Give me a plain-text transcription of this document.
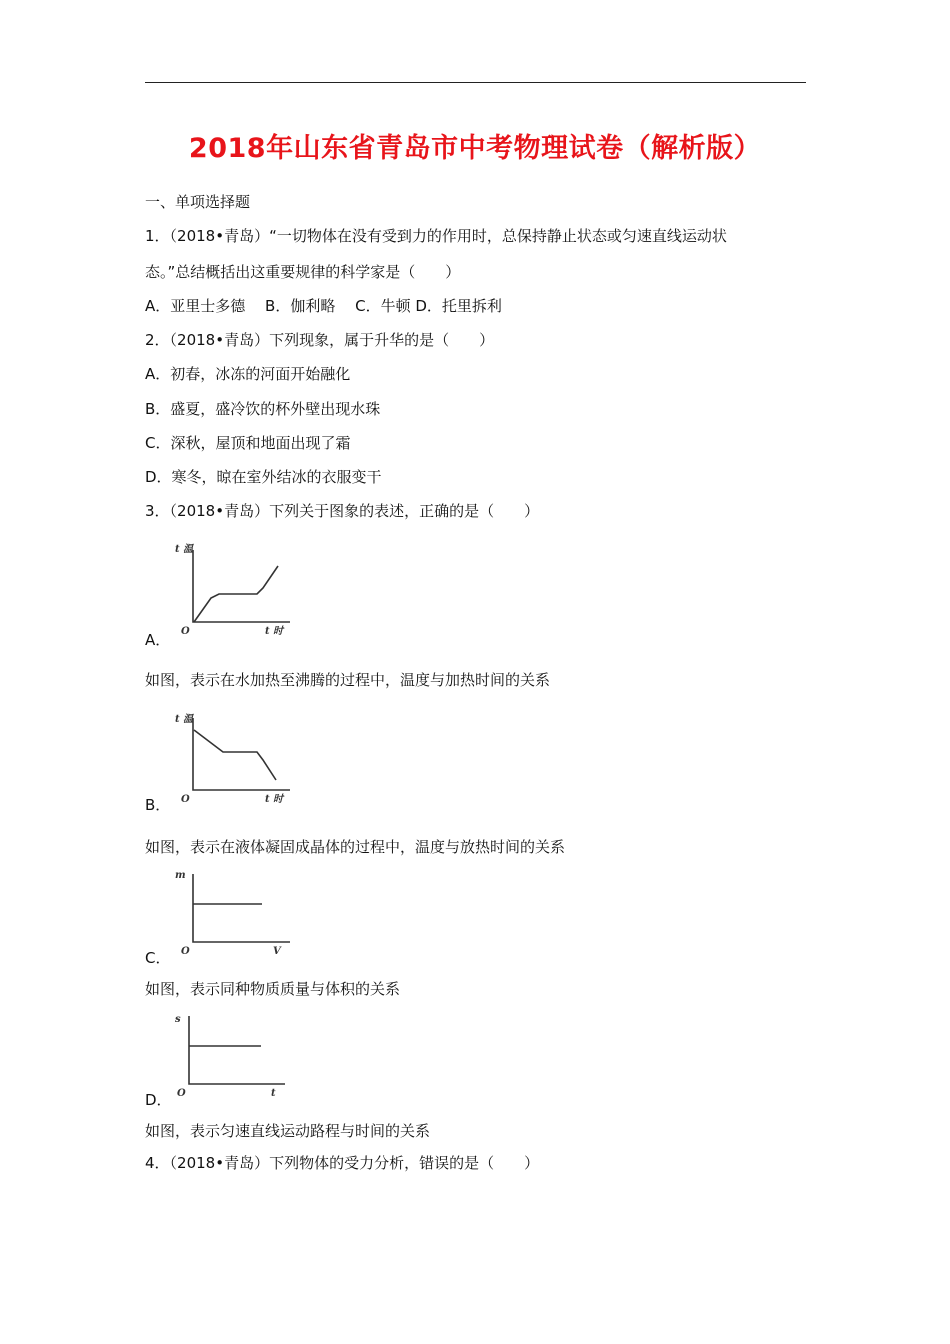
2018年山东省青岛市中考物理试卷（解析版）
一、单项选择题
1．（2018•青岛）“一切物体在没有受到力的作用时，总保持静止状态或匀速直线运动状
态。”总结概括出这重要规律的科学家是（　　）
A．亚里士多德　 B．伽利略　 C．牛顿 D．托里拆利
2．（2018•青岛）下列现象，属于升华的是（　　）
A．初春，冰冻的河面开始融化
B．盛夏，盛冷饮的杯外壁出现水珠
C．深秋，屋顶和地面出现了霜
D．寒冬，晾在室外结冰的衣服变干
3．（2018•青岛）下列关于图象的表述，正确的是（　　）
t 温
O	t 时
A．
如图，表示在水加热至沸腾的过程中，温度与加热时间的关系
t 温
O	t 时
B．
如图，表示在液体凝固成晶体的过程中，温度与放热时间的关系
m
O	V
C．
如图，表示同种物质质量与体积的关系
s
O	t
D．
如图，表示匀速直线运动路程与时间的关系
4．（2018•青岛）下列物体的受力分析，错误的是（　　）
